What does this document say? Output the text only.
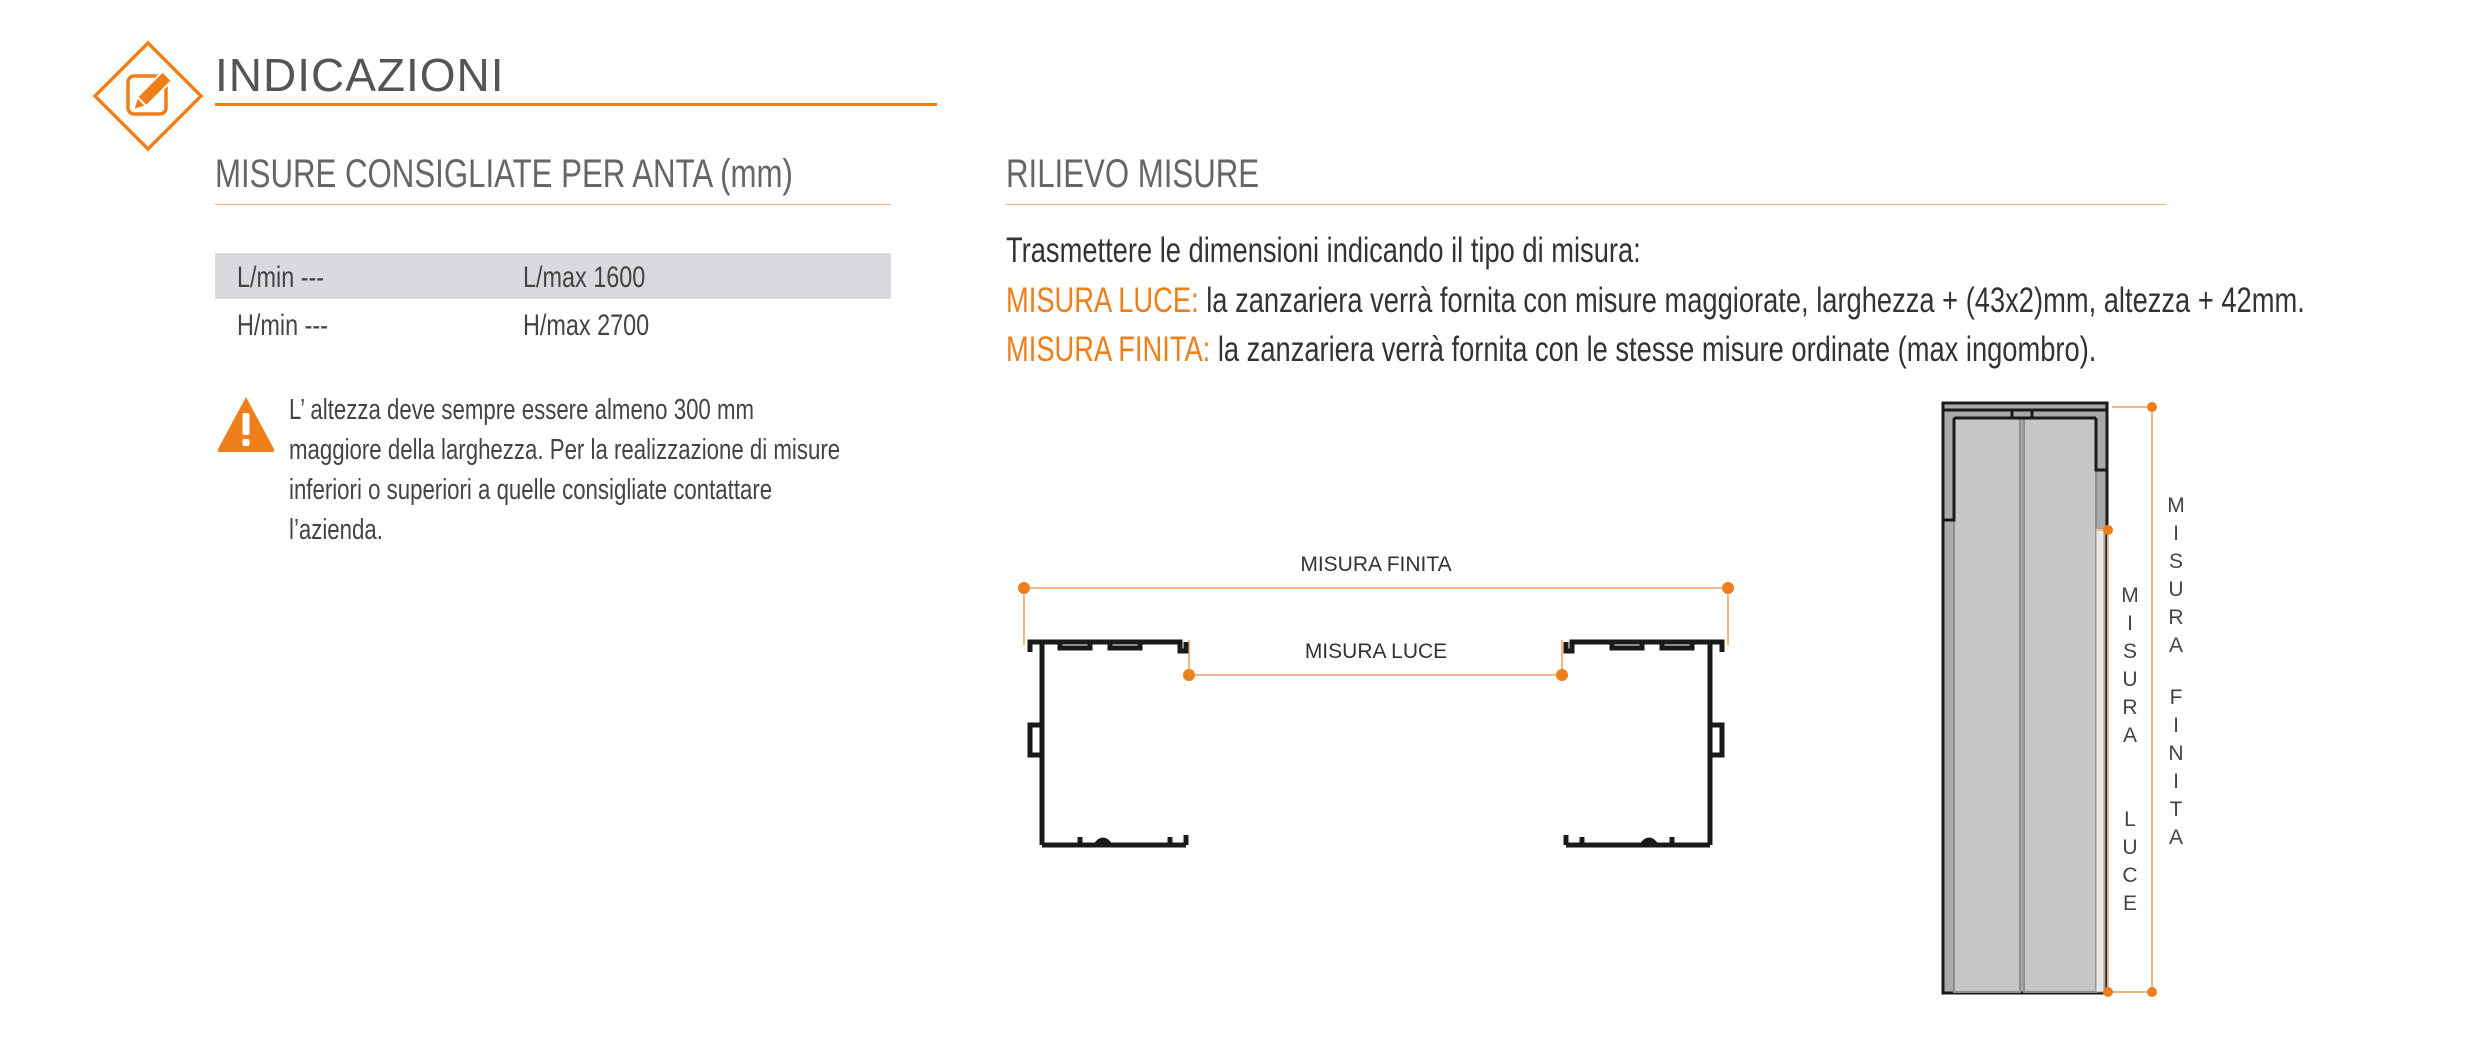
INDICAZIONI
MISURE CONSIGLIATE PER ANTA (mm)
L/min ---	L/max 1600
H/min ---	H/max 2700
L’ altezza deve sempre essere almeno 300 mm
maggiore della larghezza. Per la realizzazione di misure
inferiori o superiori a quelle consigliate contattare
l’azienda.
RILIEVO MISURE
Trasmettere le dimensioni indicando il tipo di misura:
MISURA LUCE: la zanzariera verrà fornita con misure maggiorate, larghezza + (43x2)mm, altezza + 42mm.
MISURA FINITA: la zanzariera verrà fornita con le stesse misure ordinate (max ingombro).
MISURA FINITA
MISURA LUCE
M
I
S
U
R
A
L
U
C
E
M
I
S
U
R
A
F
I
N
I
T
A
